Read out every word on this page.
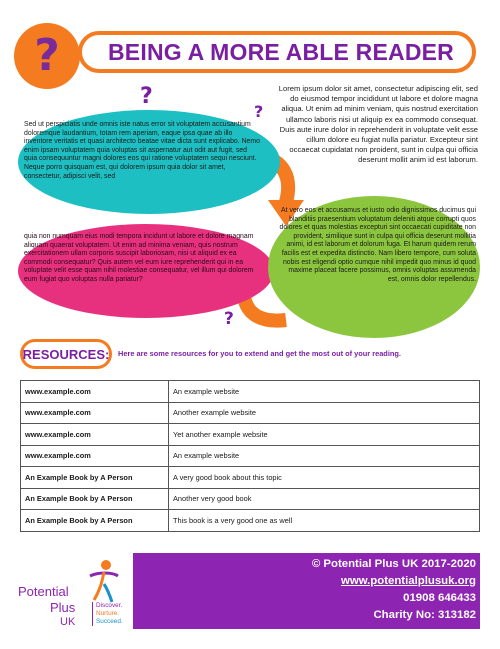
? BEING A MORE ABLE READER

Lorem ipsum dolor sit amet, consectetur adipiscing elit, sed do eiusmod tempor incididunt ut labore et dolore magna aliqua. Ut enim ad minim veniam, quis nostrud exercitation ullamco laboris nisi ut aliquip ex ea commodo consequat. Duis aute irure dolor in reprehenderit in voluptate velit esse cillum dolore eu fugiat nulla pariatur. Excepteur sint occaecat cupidatat non proident, sunt in culpa qui officia deserunt mollit anim id est laborum.

Sed ut perspiciatis unde omnis iste natus error sit voluptatem accusantium doloremque laudantium, totam rem aperiam, eaque ipsa quae ab illo inventore veritatis et quasi architecto beatae vitae dicta sunt explicabo. Nemo enim ipsam voluptatem quia voluptas sit aspernatur aut odit aut fugit, sed quia consequuntur magni dolores eos qui ratione voluptatem sequi nesciunt. Neque porro quisquam est, qui dolorem ipsum quia dolor sit amet, consectetur, adipisci velit, sed

quia non numquam eius modi tempora incidunt ut labore et dolore magnam aliquam quaerat voluptatem. Ut enim ad minima veniam, quis nostrum exercitationem ullam corporis suscipit laboriosam, nisi ut aliquid ex ea commodi consequatur? Quis autem vel eum iure reprehenderit qui in ea voluptate velit esse quam nihil molestiae consequatur, vel illum qui dolorem eum fugiat quo voluptas nulla pariatur?

At vero eos et accusamus et iusto odio dignissimos ducimus qui blanditiis praesentium voluptatum deleniti atque corrupti quos dolores et quas molestias excepturi sint occaecati cupiditate non provident, similique sunt in culpa qui officia deserunt mollitia animi, id est laborum et dolorum fuga. Et harum quidem rerum facilis est et expedita distinctio. Nam libero tempore, cum soluta nobis est eligendi optio cumque nihil impedit quo minus id quod maxime placeat facere possimus, omnis voluptas assumenda est, omnis dolor repellendus.

?
?
?
RESOURCES: Here are some resources for you to extend and get the most out of your reading.

www.example.com	An example website
www.example.com	Another example website
www.example.com	Yet another example website
www.example.com	An example website
An Example Book by A Person	A very good book about this topic
An Example Book by A Person	Another very good book
An Example Book by A Person	This book is a very good one as well
© Potential Plus UK 2017-2020
www.potentialplusuk.org
01908 646433
Charity No: 313182
Potential
Plus
UK
Discover.
Nurture.
Succeed.
